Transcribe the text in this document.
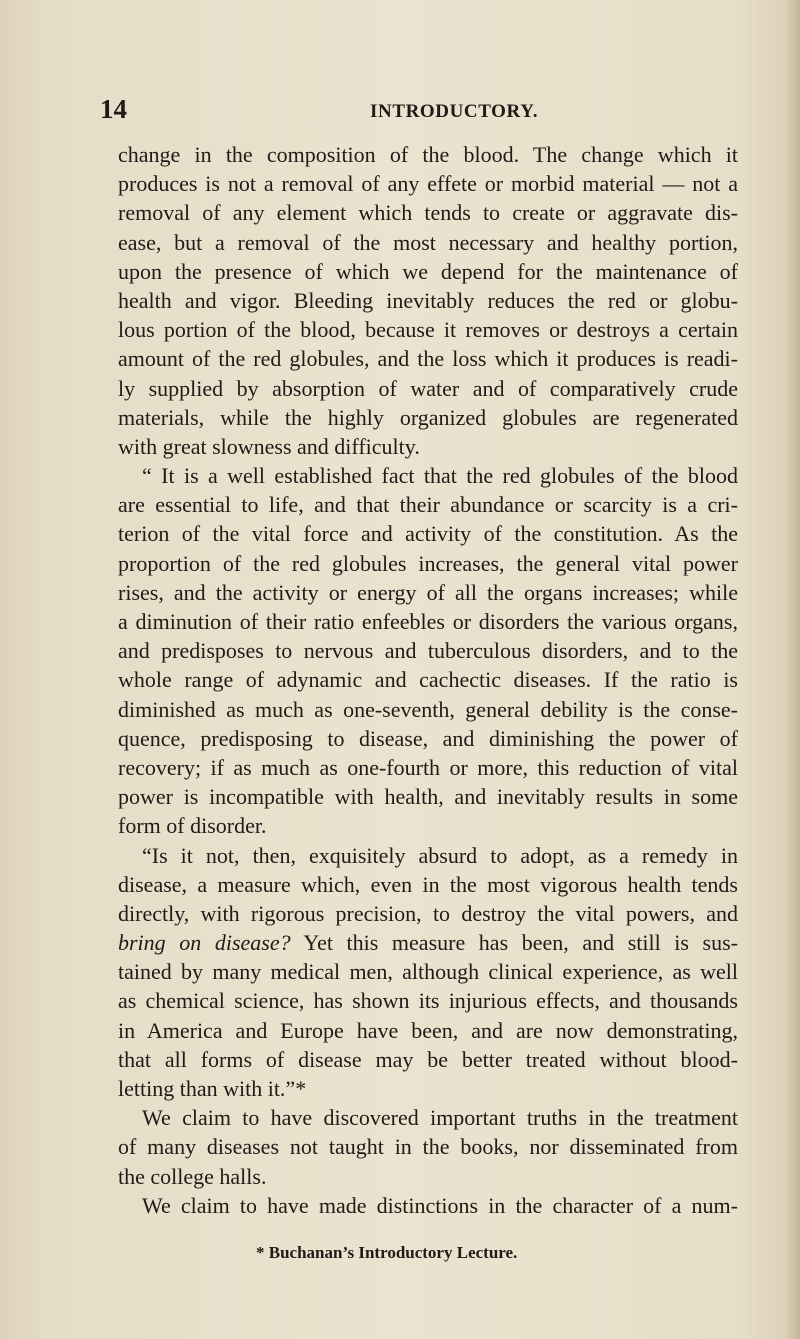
14	INTRODUCTORY.
change in the composition of the blood. The change which it
produces is not a removal of any effete or morbid material — not a
removal of any element which tends to create or aggravate dis-
ease, but a removal of the most necessary and healthy portion,
upon the presence of which we depend for the maintenance of
health and vigor. Bleeding inevitably reduces the red or globu-
lous portion of the blood, because it removes or destroys a certain
amount of the red globules, and the loss which it produces is readi-
ly supplied by absorption of water and of comparatively crude
materials, while the highly organized globules are regenerated
with great slowness and difficulty.
“ It is a well established fact that the red globules of the blood
are essential to life, and that their abundance or scarcity is a cri-
terion of the vital force and activity of the constitution. As the
proportion of the red globules increases, the general vital power
rises, and the activity or energy of all the organs increases; while
a diminution of their ratio enfeebles or disorders the various organs,
and predisposes to nervous and tuberculous disorders, and to the
whole range of adynamic and cachectic diseases. If the ratio is
diminished as much as one-seventh, general debility is the conse-
quence, predisposing to disease, and diminishing the power of
recovery; if as much as one-fourth or more, this reduction of vital
power is incompatible with health, and inevitably results in some
form of disorder.
“Is it not, then, exquisitely absurd to adopt, as a remedy in
disease, a measure which, even in the most vigorous health tends
directly, with rigorous precision, to destroy the vital powers, and
bring on disease? Yet this measure has been, and still is sus-
tained by many medical men, although clinical experience, as well
as chemical science, has shown its injurious effects, and thousands
in America and Europe have been, and are now demonstrating,
that all forms of disease may be better treated without blood-
letting than with it.”*
We claim to have discovered important truths in the treatment
of many diseases not taught in the books, nor disseminated from
the college halls.
We claim to have made distinctions in the character of a num-
* Buchanan’s Introductory Lecture.
